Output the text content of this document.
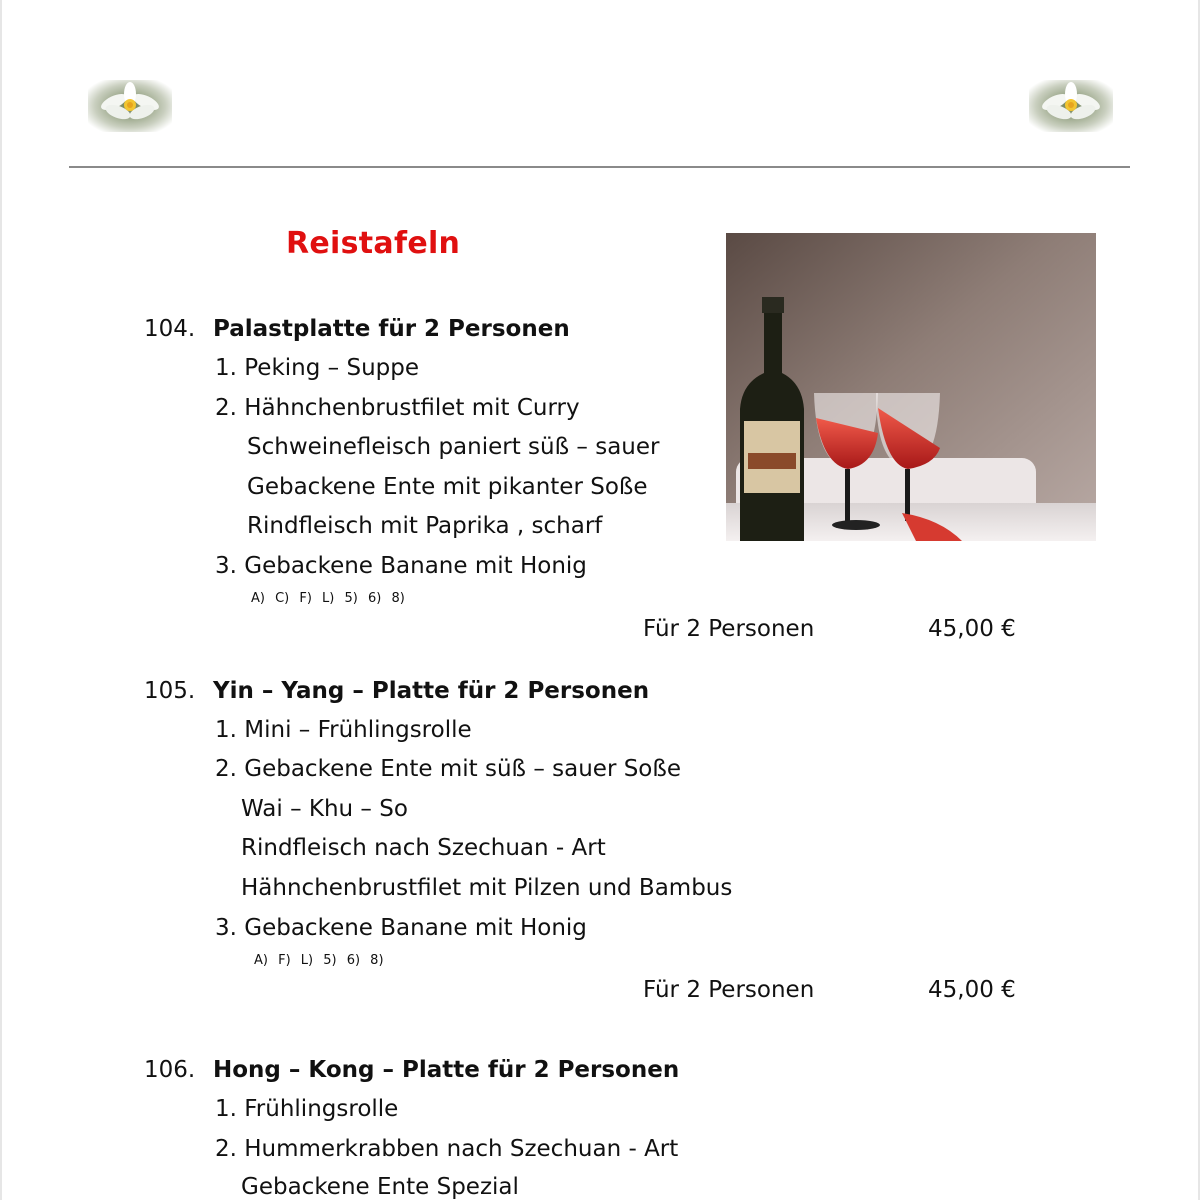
Reistafeln
104. Palastplatte für 2 Personen
1. Peking – Suppe
2. Hähnchenbrustfilet mit Curry
Schweinefleisch paniert süß – sauer
Gebackene Ente mit pikanter Soße
Rindfleisch mit Paprika , scharf
3. Gebackene Banane mit Honig
A) C) F) L) 5) 6) 8)
Für 2 Personen	45,00 €
105. Yin – Yang – Platte für 2 Personen
1. Mini – Frühlingsrolle
2. Gebackene Ente mit süß – sauer Soße
Wai – Khu – So
Rindfleisch nach Szechuan - Art
Hähnchenbrustfilet mit Pilzen und Bambus
3. Gebackene Banane mit Honig
A) F) L) 5) 6) 8)
Für 2 Personen	45,00 €
106. Hong – Kong – Platte für 2 Personen
1. Frühlingsrolle
2. Hummerkrabben nach Szechuan - Art
Gebackene Ente Spezial
